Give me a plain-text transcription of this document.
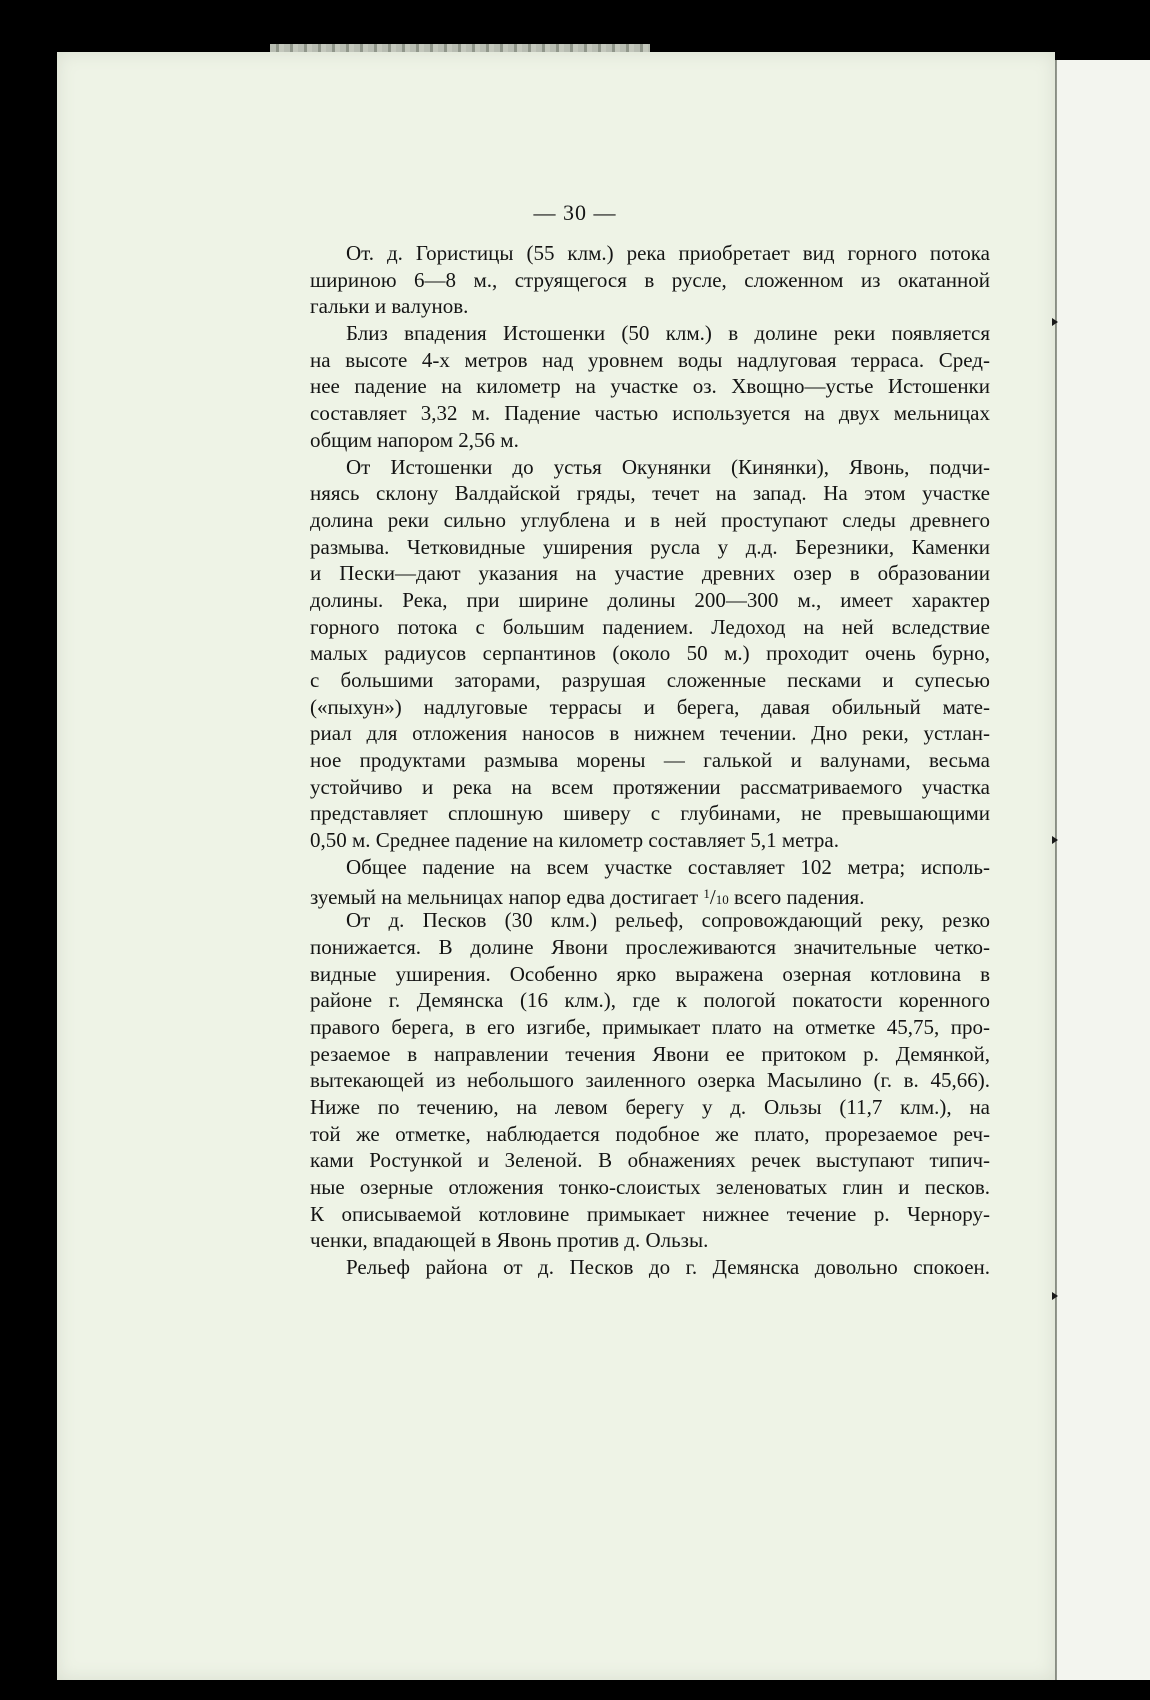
— 30 —
От. д. Гористицы (55 клм.) река приобретает вид горного потока
шириною 6—8 м., струящегося в русле, сложенном из окатанной
гальки и валунов.
Близ впадения Истошенки (50 клм.) в долине реки появляется
на высоте 4-х метров над уровнем воды надлуговая терраса. Сред-
нее падение на километр на участке оз. Хвощно—устье Истошенки
составляет 3,32 м. Падение частью используется на двух мельницах
общим напором 2,56 м.
От Истошенки до устья Окунянки (Кинянки), Явонь, подчи-
няясь склону Валдайской гряды, течет на запад. На этом участке
долина реки сильно углублена и в ней проступают следы древнего
размыва. Четковидные уширения русла у д.д. Березники, Каменки
и Пески—дают указания на участие древних озер в образовании
долины. Река, при ширине долины 200—300 м., имеет характер
горного потока с большим падением. Ледоход на ней вследствие
малых радиусов серпантинов (около 50 м.) проходит очень бурно,
с большими заторами, разрушая сложенные песками и супесью
(«пыхун») надлуговые террасы и берега, давая обильный мате-
риал для отложения наносов в нижнем течении. Дно реки, устлан-
ное продуктами размыва морены — галькой и валунами, весьма
устойчиво и река на всем протяжении рассматриваемого участка
представляет сплошную шиверу с глубинами, не превышающими
0,50 м. Среднее падение на километр составляет 5,1 метра.
Общее падение на всем участке составляет 102 метра; исполь-
зуемый на мельницах напор едва достигает $^1$/10 всего падения.
От д. Песков (30 клм.) рельеф, сопровождающий реку, резко
понижается. В долине Явони прослеживаются значительные четко-
видные уширения. Особенно ярко выражена озерная котловина в
районе г. Демянска (16 клм.), где к пологой покатости коренного
правого берега, в его изгибе, примыкает плато на отметке 45,75, про-
резаемое в направлении течения Явони ее притоком р. Демянкой,
вытекающей из небольшого заиленного озерка Масылино (г. в. 45,66).
Ниже по течению, на левом берегу у д. Ользы (11,7 клм.), на
той же отметке, наблюдается подобное же плато, прорезаемое реч-
ками Ростункой и Зеленой. В обнажениях речек выступают типич-
ные озерные отложения тонко-слоистых зеленоватых глин и песков.
К описываемой котловине примыкает нижнее течение р. Чернору-
ченки, впадающей в Явонь против д. Ользы.
Рельеф района от д. Песков до г. Демянска довольно спокоен.
